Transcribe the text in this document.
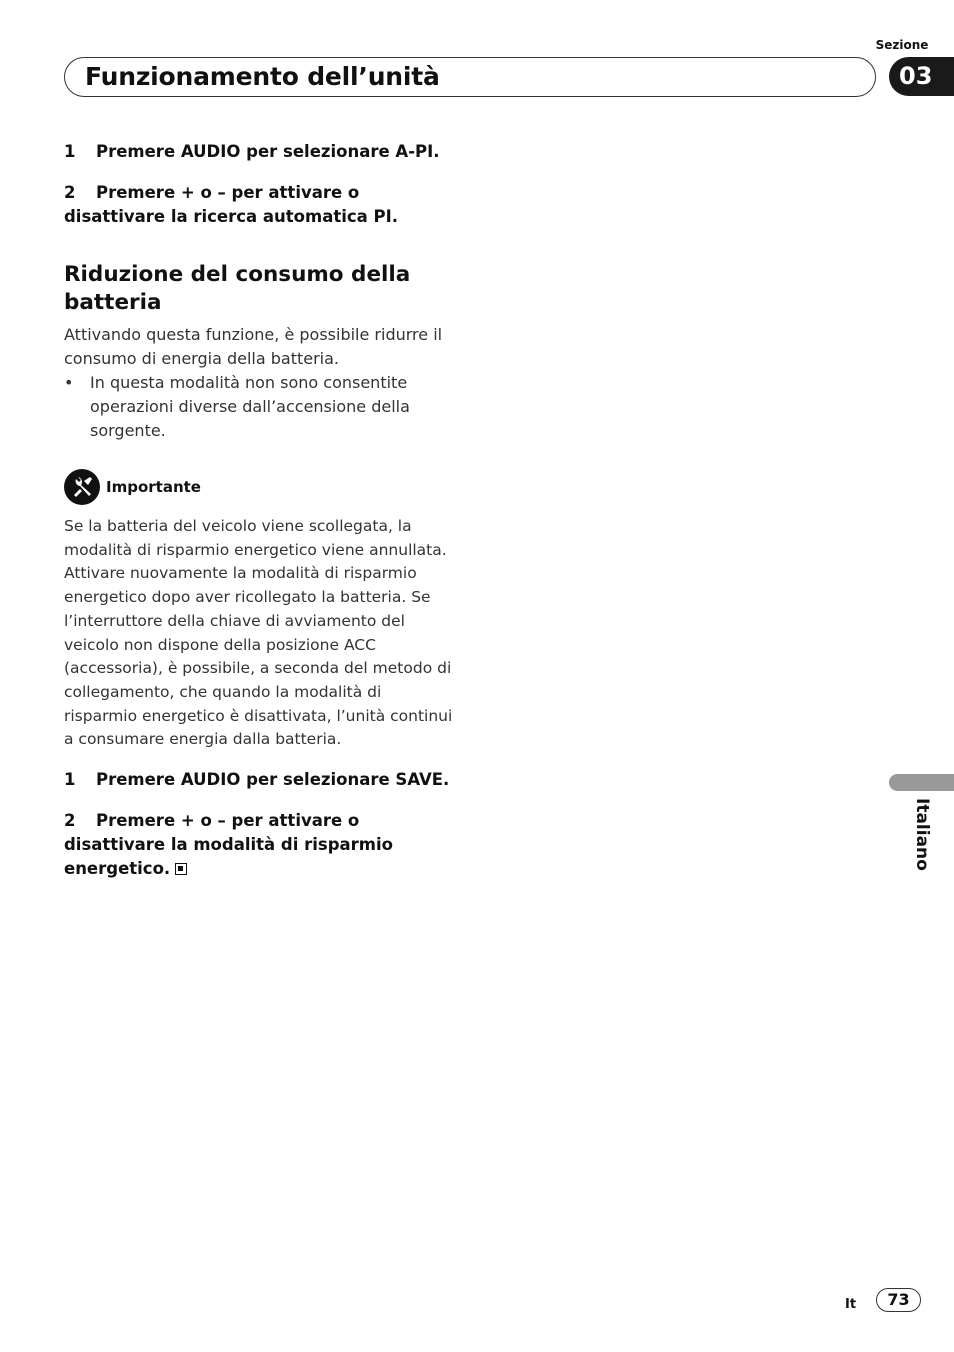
Sezione
03
Funzionamento dell’unità

1 Premere AUDIO per selezionare A-PI.

2 Premere + o – per attivare o disattivare la ricerca automatica PI.

Riduzione del consumo della batteria

Attivando questa funzione, è possibile ridurre il consumo di energia della batteria.

•	In questa modalità non sono consentite operazioni diverse dall’accensione della sorgente.

Importante

Se la batteria del veicolo viene scollegata, la modalità di risparmio energetico viene annullata. Attivare nuovamente la modalità di risparmio energetico dopo aver ricollegato la batteria. Se l’interruttore della chiave di avviamento del veicolo non dispone della posizione ACC (accessoria), è possibile, a seconda del metodo di collegamento, che quando la modalità di risparmio energetico è disattivata, l’unità continui a consumare energia dalla batteria.

1 Premere AUDIO per selezionare SAVE.

2 Premere + o – per attivare o disattivare la modalità di risparmio energetico.	Italiano
It	73
